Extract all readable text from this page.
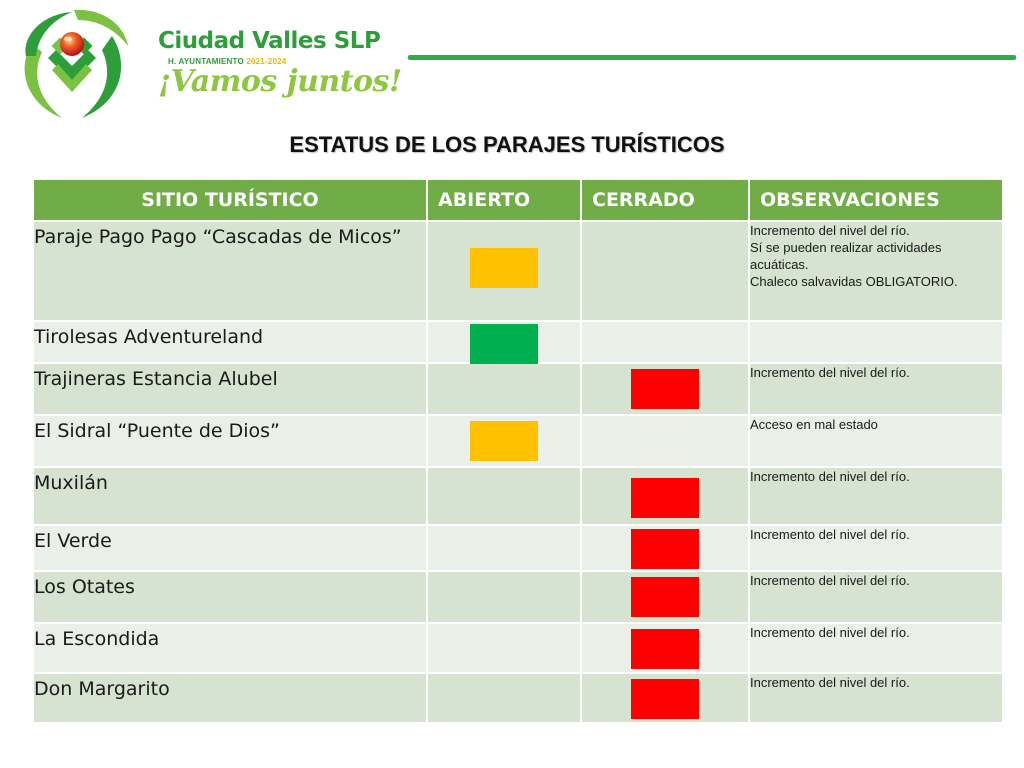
Ciudad Valles SLP
H. AYUNTAMIENTO 2021-2024
¡Vamos juntos!
ESTATUS DE LOS PARAJES TURÍSTICOS
SITIO TURÍSTICO	ABIERTO	CERRADO	OBSERVACIONES
Paraje Pago Pago “Cascadas de Micos”			Incremento del nivel del río.
Sí se pueden realizar actividades acuáticas.
Chaleco salvavidas OBLIGATORIO.

Tirolesas Adventureland	

Trajineras Estancia Alubel			Incremento del nivel del río.

El Sidral “Puente de Dios”			Acceso en mal estado

Muxilán			Incremento del nivel del río.

El Verde			Incremento del nivel del río.

Los Otates			Incremento del nivel del río.

La Escondida			Incremento del nivel del río.

Don Margarito			Incremento del nivel del río.
